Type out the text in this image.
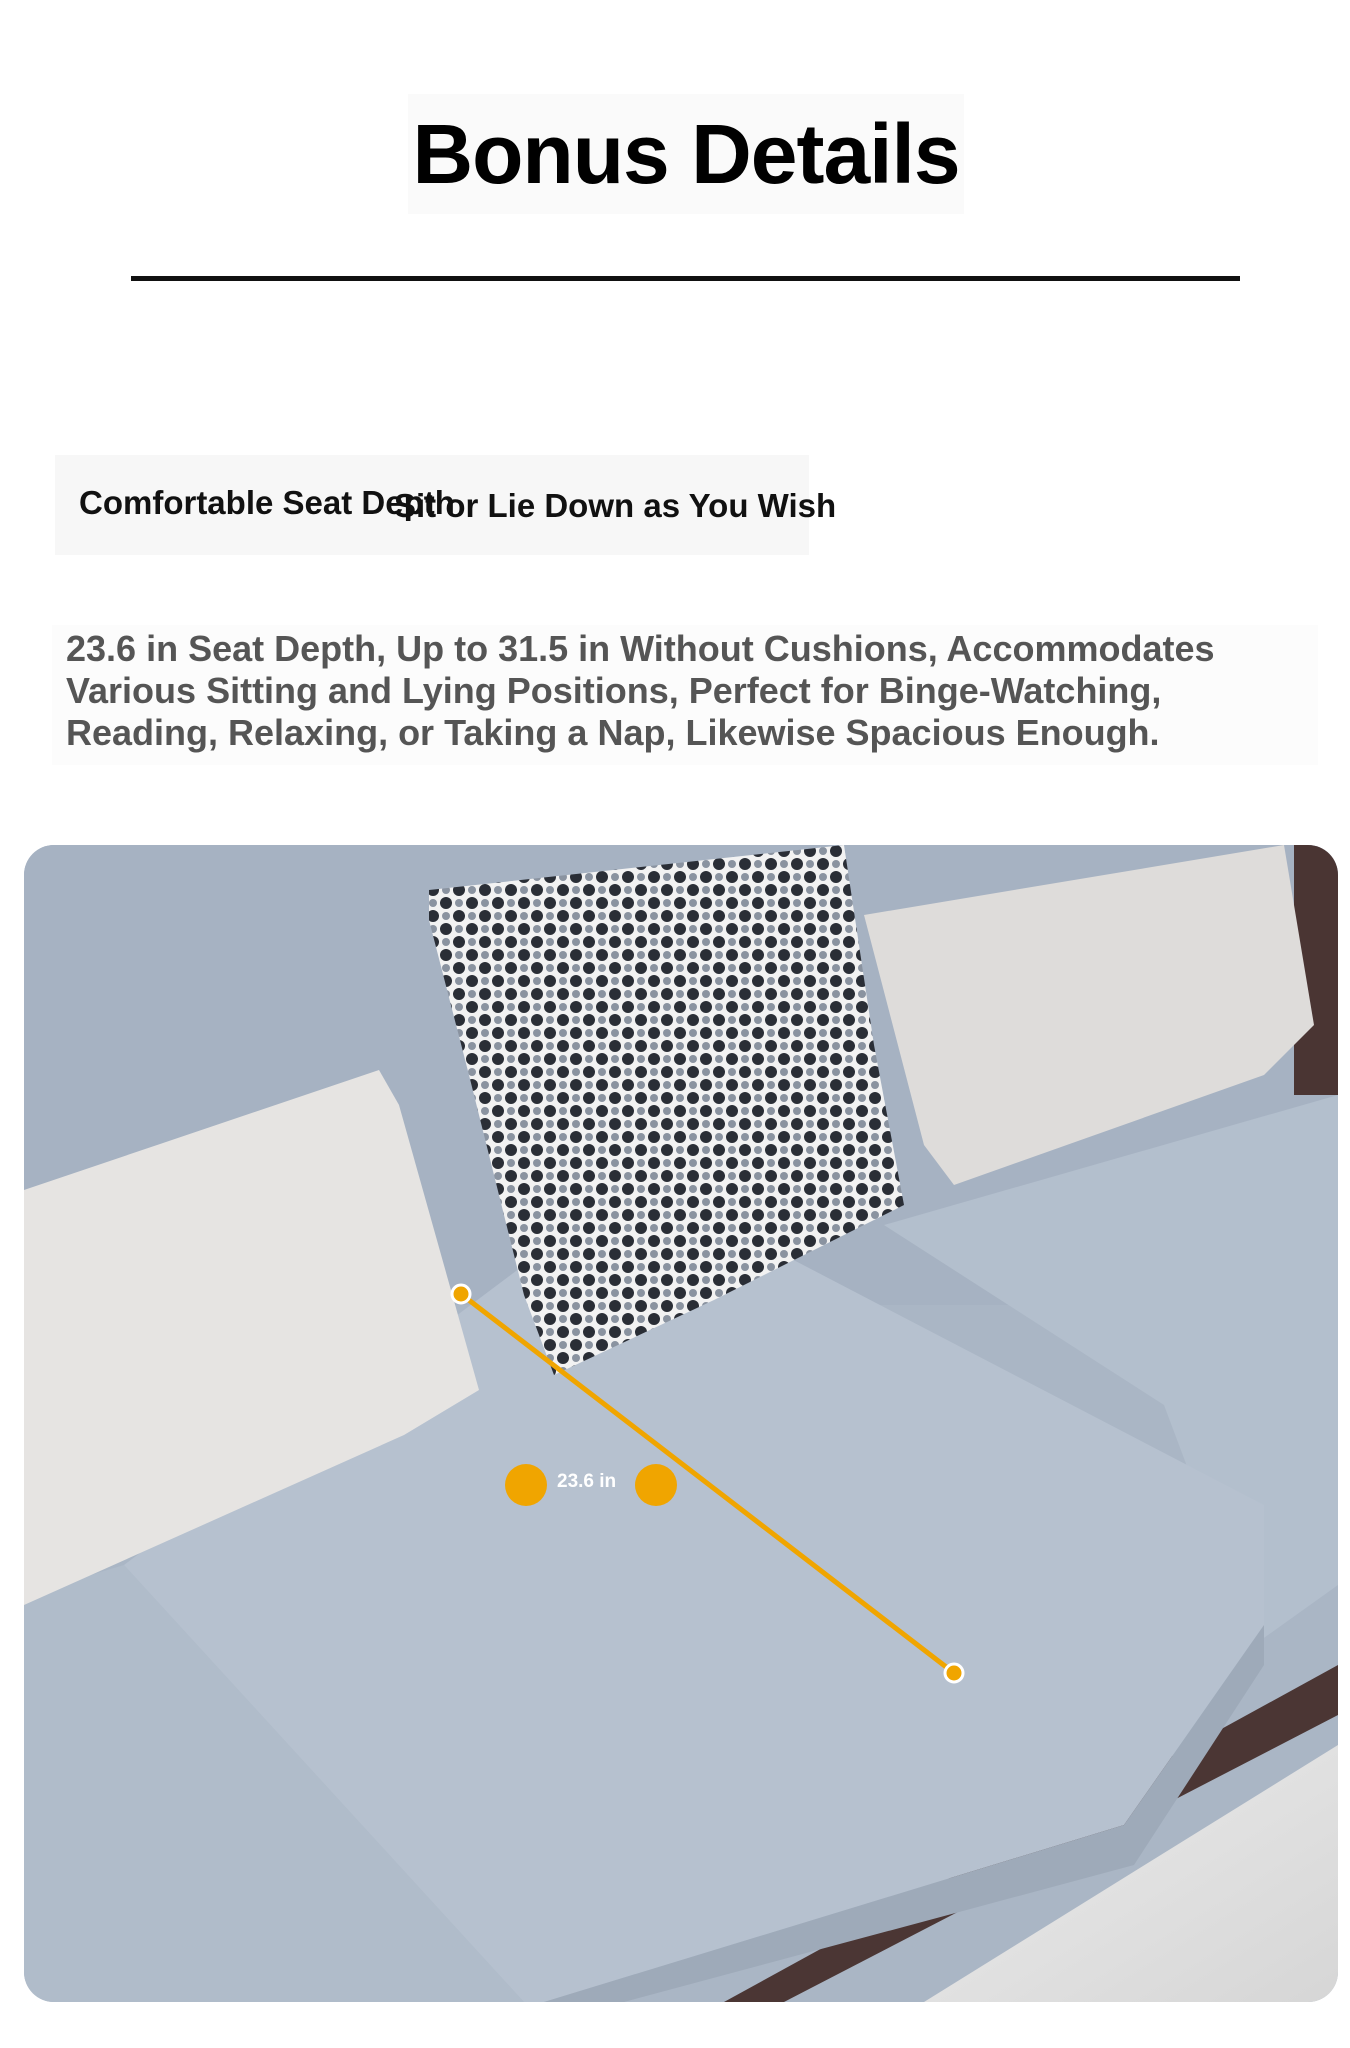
Bonus Details
Comfortable Seat Depth
Sit or Lie Down as You Wish

23.6 in Seat Depth, Up to 31.5 in Without Cushions, Accommodates Various Sitting and Lying Positions, Perfect for Binge-Watching, Reading, Relaxing, or Taking a Nap, Likewise Spacious Enough.

23.6 in
